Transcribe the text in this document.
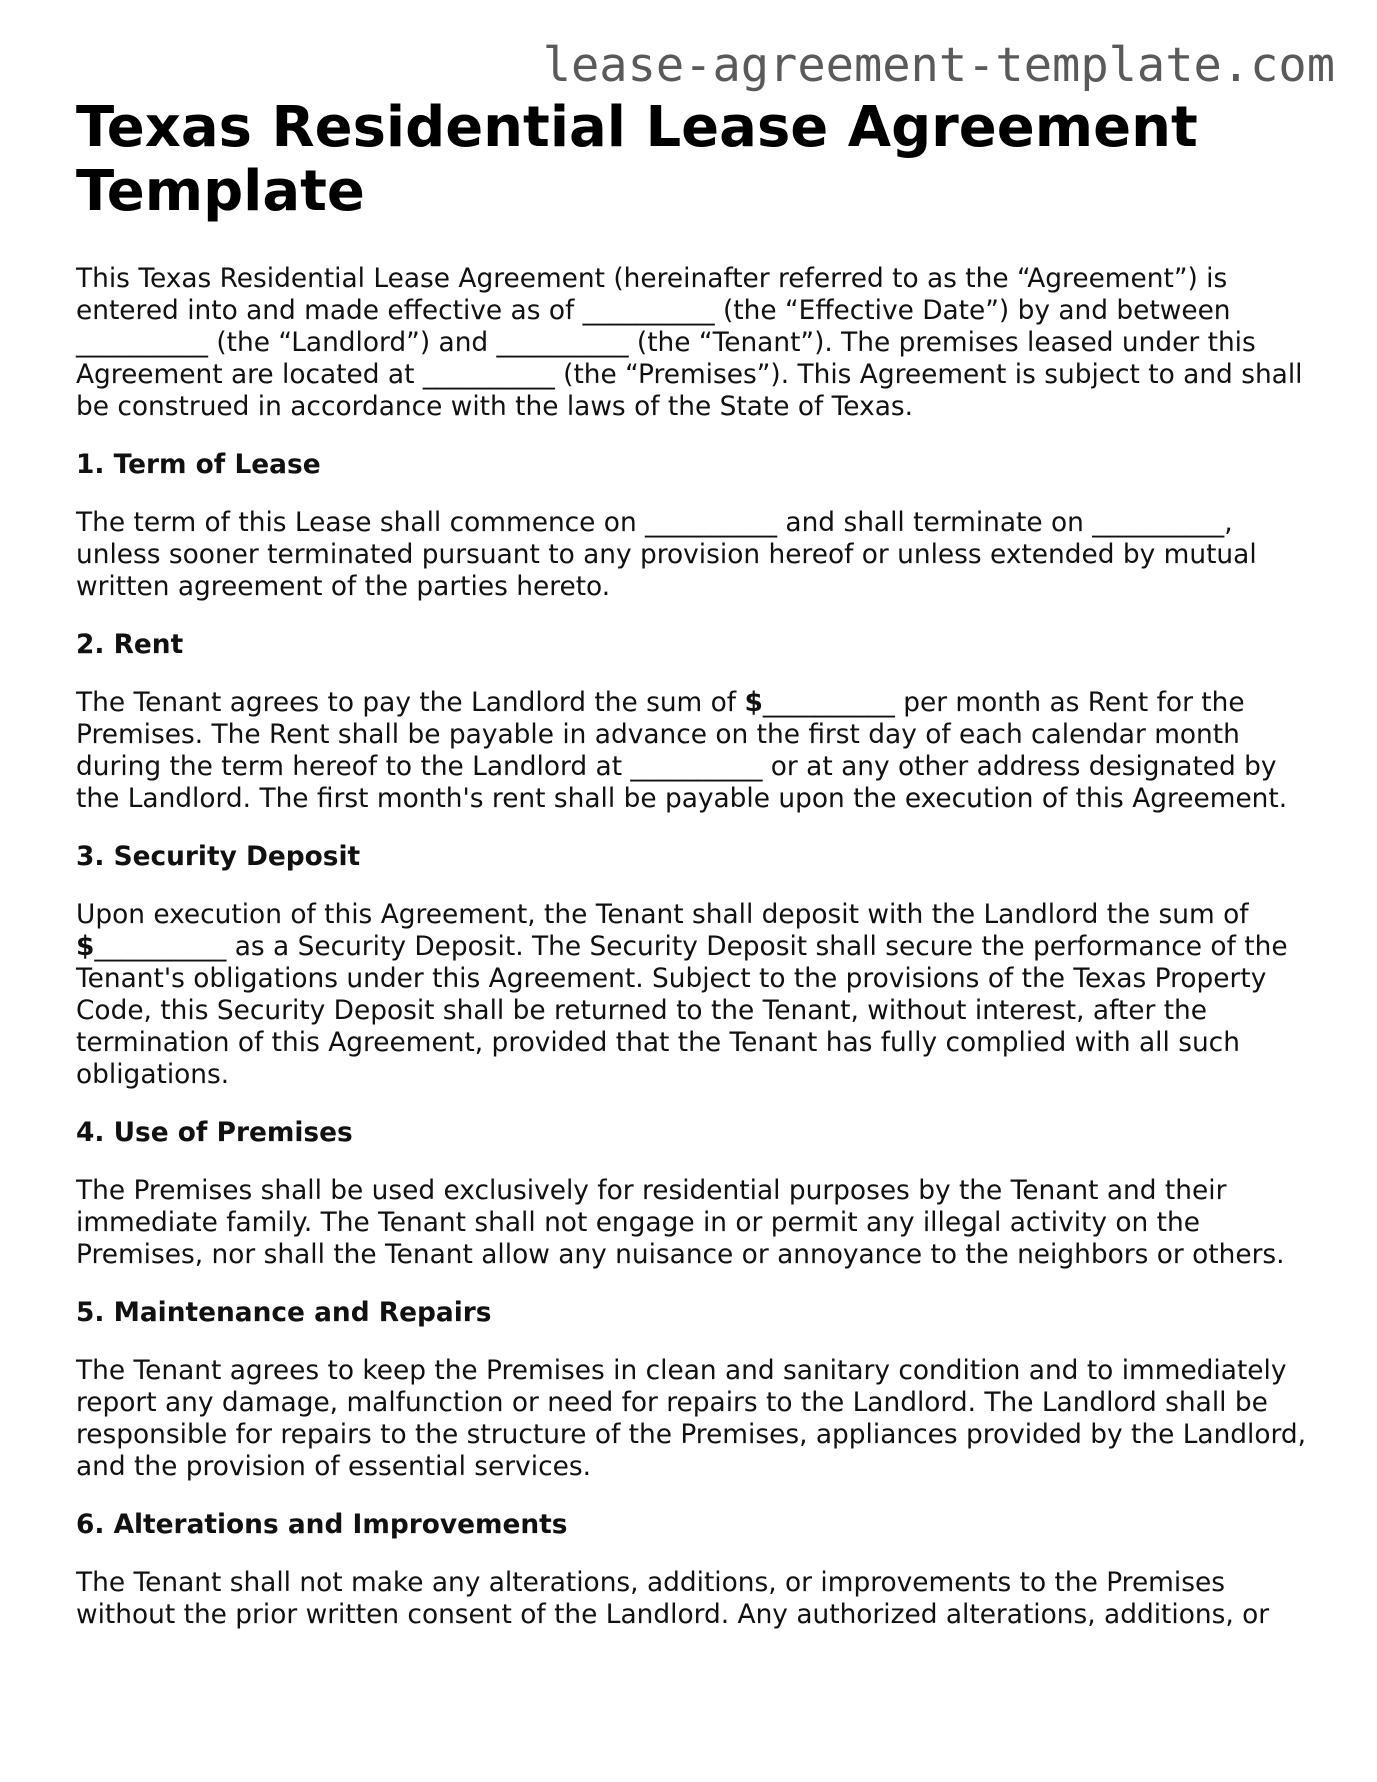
lease-agreement-template.com
Texas Residential Lease Agreement Template

This Texas Residential Lease Agreement (hereinafter referred to as the “Agreement”) is entered into and made effective as of __________ (the “Effective Date”) by and between __________ (the “Landlord”) and __________ (the “Tenant”). The premises leased under this Agreement are located at __________ (the “Premises”). This Agreement is subject to and shall be construed in accordance with the laws of the State of Texas.

1. Term of Lease

The term of this Lease shall commence on __________ and shall terminate on __________, unless sooner terminated pursuant to any provision hereof or unless extended by mutual written agreement of the parties hereto.

2. Rent

The Tenant agrees to pay the Landlord the sum of $__________ per month as Rent for the Premises. The Rent shall be payable in advance on the first day of each calendar month during the term hereof to the Landlord at __________ or at any other address designated by the Landlord. The first month's rent shall be payable upon the execution of this Agreement.

3. Security Deposit

Upon execution of this Agreement, the Tenant shall deposit with the Landlord the sum of $__________ as a Security Deposit. The Security Deposit shall secure the performance of the Tenant's obligations under this Agreement. Subject to the provisions of the Texas Property Code, this Security Deposit shall be returned to the Tenant, without interest, after the termination of this Agreement, provided that the Tenant has fully complied with all such obligations.

4. Use of Premises

The Premises shall be used exclusively for residential purposes by the Tenant and their immediate family. The Tenant shall not engage in or permit any illegal activity on the Premises, nor shall the Tenant allow any nuisance or annoyance to the neighbors or others.

5. Maintenance and Repairs

The Tenant agrees to keep the Premises in clean and sanitary condition and to immediately report any damage, malfunction or need for repairs to the Landlord. The Landlord shall be responsible for repairs to the structure of the Premises, appliances provided by the Landlord, and the provision of essential services.

6. Alterations and Improvements

The Tenant shall not make any alterations, additions, or improvements to the Premises without the prior written consent of the Landlord. Any authorized alterations, additions, or
